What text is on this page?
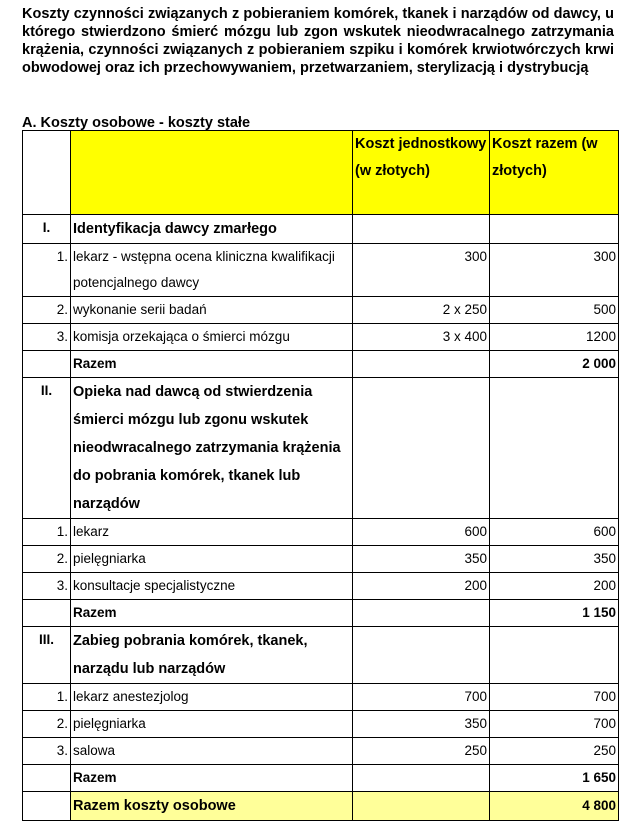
Koszty czynności związanych z pobieraniem komórek, tkanek i narządów od dawcy, u którego stwierdzono śmierć mózgu lub zgon wskutek nieodwracalnego zatrzymania krążenia, czynności związanych z pobieraniem szpiku i komórek krwiotwórczych krwi obwodowej oraz ich przechowywaniem, przetwarzaniem, sterylizacją i dystrybucją

A. Koszty osobowe - koszty stałe

		Koszt jednostkowy (w złotych)	Koszt razem (w złotych)
I.	Identyfikacja dawcy zmarłego		
1.	lekarz - wstępna ocena kliniczna kwalifikacji potencjalnego dawcy	300	300
2.	wykonanie serii badań	2 x 250	500
3.	komisja orzekająca o śmierci mózgu	3 x 400	1200
	Razem		2 000
II.	Opieka nad dawcą od stwierdzenia śmierci mózgu lub zgonu wskutek nieodwracalnego zatrzymania krążenia do pobrania komórek, tkanek lub narządów		
1.	lekarz	600	600
2.	pielęgniarka	350	350
3.	konsultacje specjalistyczne	200	200
	Razem		1 150
III.	Zabieg pobrania komórek, tkanek, narządu lub narządów		
1.	lekarz anestezjolog	700	700
2.	pielęgniarka	350	700
3.	salowa	250	250
	Razem		1 650
	Razem koszty osobowe		4 800
